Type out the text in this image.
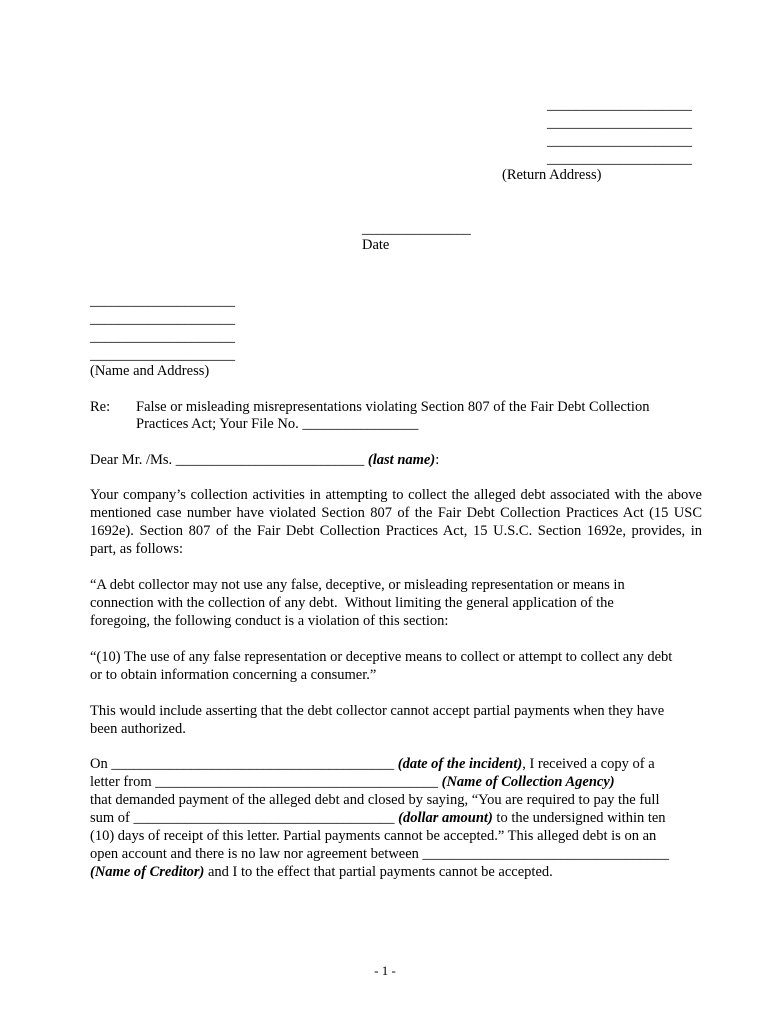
____________________
____________________
____________________
____________________
(Return Address)
_______________
Date
____________________
____________________
____________________
____________________
(Name and Address)
Re: False or misleading misrepresentations violating Section 807 of the Fair Debt Collection
Practices Act; Your File No. ________________
Dear Mr. /Ms. __________________________ (last name):
Your company’s collection activities in attempting to collect the alleged debt associated with the above mentioned case number have violated Section 807 of the Fair Debt Collection Practices Act (15 USC 1692e). Section 807 of the Fair Debt Collection Practices Act, 15 U.S.C. Section 1692e, provides, in part, as follows:
“A debt collector may not use any false, deceptive, or misleading representation or means in
connection with the collection of any debt.  Without limiting the general application of the
foregoing, the following conduct is a violation of this section:
“(10) The use of any false representation or deceptive means to collect or attempt to collect any debt
or to obtain information concerning a consumer.”
This would include asserting that the debt collector cannot accept partial payments when they have
been authorized.
On _______________________________________ (date of the incident), I received a copy of a
letter from _______________________________________ (Name of Collection Agency)
that demanded payment of the alleged debt and closed by saying, “You are required to pay the full
sum of ____________________________________ (dollar amount) to the undersigned within ten
(10) days of receipt of this letter. Partial payments cannot be accepted.” This alleged debt is on an
open account and there is no law nor agreement between __________________________________
(Name of Creditor) and I to the effect that partial payments cannot be accepted.
- 1 -
